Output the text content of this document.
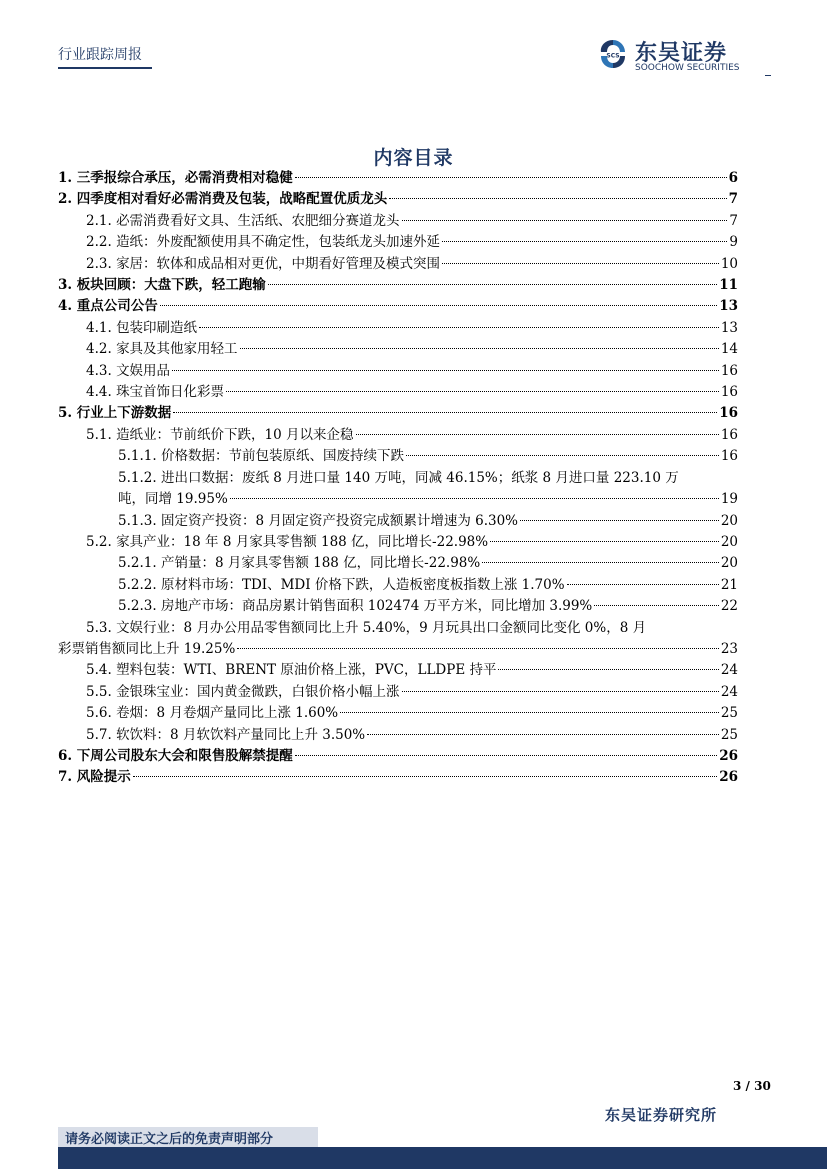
行业跟踪周报	SCS 东吴证券
SOOCHOW SECURITIES
内容目录
1. 三季报综合承压，必需消费相对稳健	6
2. 四季度相对看好必需消费及包装，战略配置优质龙头	7
2.1. 必需消费看好文具、生活纸、农肥细分赛道龙头	7
2.2. 造纸：外废配额使用具不确定性，包装纸龙头加速外延	9
2.3. 家居：软体和成品相对更优，中期看好管理及模式突围	10
3. 板块回顾：大盘下跌，轻工跑输	11
4. 重点公司公告	13
4.1. 包装印刷造纸	13
4.2. 家具及其他家用轻工	14
4.3. 文娱用品	16
4.4. 珠宝首饰日化彩票	16
5. 行业上下游数据	16
5.1. 造纸业：节前纸价下跌，10 月以来企稳	16
5.1.1. 价格数据：节前包装原纸、国废持续下跌	16
5.1.2. 进出口数据：废纸 8 月进口量 140 万吨，同减 46.15%；纸浆 8 月进口量 223.10 万
吨，同增 19.95%	19
5.1.3. 固定资产投资：8 月固定资产投资完成额累计增速为 6.30%	20
5.2. 家具产业：18 年 8 月家具零售额 188 亿，同比增长-22.98%	20
5.2.1. 产销量：8 月家具零售额 188 亿，同比增长-22.98%	20
5.2.2. 原材料市场：TDI、MDI 价格下跌，人造板密度板指数上涨 1.70%	21
5.2.3. 房地产市场：商品房累计销售面积 102474 万平方米，同比增加 3.99%	22
5.3. 文娱行业：8 月办公用品零售额同比上升 5.40%，9 月玩具出口金额同比变化 0%，8 月
彩票销售额同比上升 19.25%	23
5.4. 塑料包装：WTI、BRENT 原油价格上涨，PVC，LLDPE 持平	24
5.5. 金银珠宝业：国内黄金微跌，白银价格小幅上涨	24
5.6. 卷烟：8 月卷烟产量同比上涨 1.60%	25
5.7. 软饮料：8 月软饮料产量同比上升 3.50%	25
6. 下周公司股东大会和限售股解禁提醒	26
7. 风险提示	26
3 / 30
东吴证券研究所
请务必阅读正文之后的免责声明部分
